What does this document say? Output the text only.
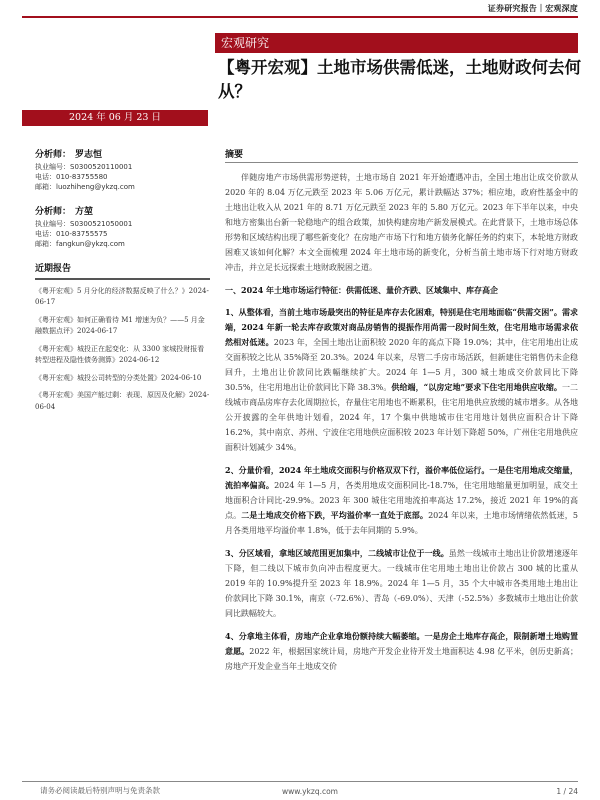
证券研究报告｜宏观深度
宏观研究
【粤开宏观】土地市场供需低迷，土地财政何去何从？
2024 年 06 月 23 日
分析师： 罗志恒
执业编号：S0300520110001
电话：010-83755580
邮箱：luozhiheng@ykzq.com
分析师： 方堃
执业编号：S0300521050001
电话：010-83755575
邮箱：fangkun@ykzq.com
近期报告
《粤开宏观》5 月分化的经济数据反映了什么？》2024-06-17
《粤开宏观》如何正确看待 M1 增速为负？——5 月金融数据点评》2024-06-17
《粤开宏观》城投正在起变化：从 3300 家城投财报看转型进程及隐性债务测算》2024-06-12
《粤开宏观》城投公司转型的分类处置》2024-06-10
《粤开宏观》美国产能过剩：表现、原因及化解》2024-06-04
摘要

伴随房地产市场供需形势逆转，土地市场自 2021 年开始遭遇冲击，全国土地出让成交价款从 2020 年的 8.04 万亿元跌至 2023 年 5.06 万亿元，累计跌幅达 37%；相应地，政府性基金中的土地出让收入从 2021 年的 8.71 万亿元跌至 2023 年的 5.80 万亿元。2023 年下半年以来，中央和地方密集出台新一轮稳地产的组合政策，加快构建房地产新发展模式。在此背景下，土地市场总体形势和区域结构出现了哪些新变化？在房地产市场下行和地方债务化解任务的约束下，本轮地方财政困难又该如何化解？本文全面梳理 2024 年土地市场的新变化，分析当前土地市场下行对地方财政冲击，并立足长远探索土地财政脱困之道。

一、2024 年土地市场运行特征：供需低迷、量价齐跌、区域集中、库存高企

1、从整体看，当前土地市场最突出的特征是库存去化困难，特别是住宅用地面临“供需交困”。需求端，2024 年新一轮去库存政策对商品房销售的提振作用尚需一段时间生效，住宅用地市场需求依然相对低迷。2023 年，全国土地出让面积较 2020 年的高点下降 19.0%；其中，住宅用地出让成交面积较之比从 35%降至 20.3%。2024 年以来，尽管二手房市场活跃，但新建住宅销售仍未企稳回升，土地出让价款同比跌幅继续扩大。2024 年 1—5 月，300 城土地成交价款同比下降 30.5%，住宅用地出让价款同比下降 38.3%。供给端，“以房定地”要求下住宅用地供应收缩。一二线城市商品房库存去化周期拉长，存量住宅用地也不断累积，住宅用地供应放缓的城市增多。从各地公开披露的全年供地计划看，2024 年，17 个集中供地城市住宅用地计划供应面积合计下降 16.2%，其中南京、苏州、宁波住宅用地供应面积较 2023 年计划下降超 50%，广州住宅用地供应面积计划减少 34%。

2、分量价看，2024 年土地成交面积与价格双双下行，溢价率低位运行。一是住宅用地成交缩量，流拍率偏高。2024 年 1—5 月，各类用地成交面积同比-18.7%，住宅用地缩量更加明显，成交土地面积合计同比-29.9%。2023 年 300 城住宅用地流拍率高达 17.2%，接近 2021 年 19%的高点。二是土地成交价格下跌，平均溢价率一直处于底部。2024 年以来，土地市场情绪依然低迷，5 月各类用地平均溢价率 1.8%，低于去年同期的 5.9%。

3、分区域看，拿地区域范围更加集中，二线城市让位于一线。虽然一线城市土地出让价款增速逐年下降，但二线以下城市负向冲击程度更大。一线城市住宅用地土地出让价款占 300 城的比重从 2019 年的 10.9%提升至 2023 年 18.9%。2024 年 1—5 月，35 个大中城市各类用地土地出让价款同比下降 30.1%，南京（-72.6%）、青岛（-69.0%）、天津（-52.5%）多数城市土地出让价款同比跌幅较大。

4、分拿地主体看，房地产企业拿地份额持续大幅萎缩。一是房企土地库存高企，限制新增土地购置意愿。2022 年，根据国家统计局，房地产开发企业待开发土地面积达 4.98 亿平米，创历史新高；房地产开发企业当年土地成交价

请务必阅读最后特别声明与免责条款	www.ykzq.com	1 / 24
